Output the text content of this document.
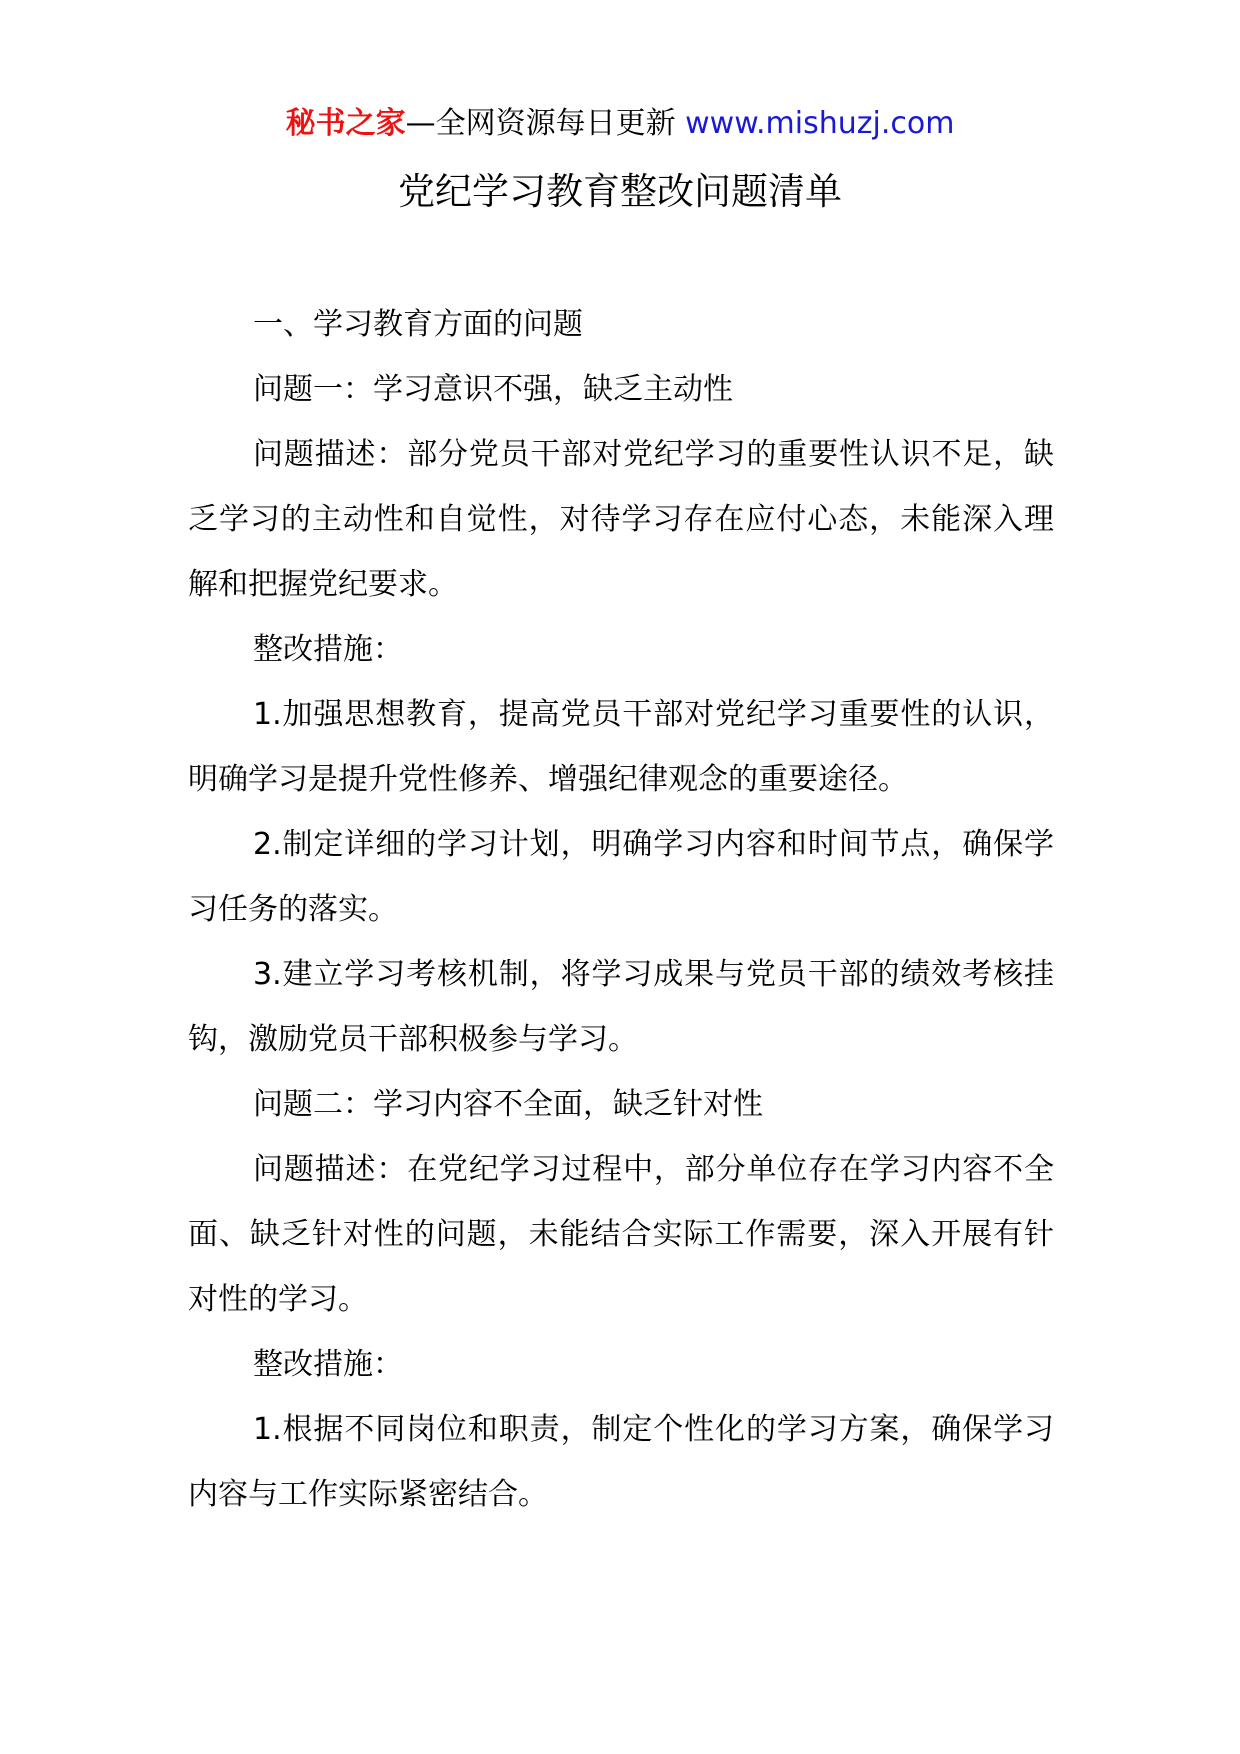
秘书之家—全网资源每日更新 www.mishuzj.com
党纪学习教育整改问题清单

一、学习教育方面的问题

问题一：学习意识不强，缺乏主动性

问题描述：部分党员干部对党纪学习的重要性认识不足，缺乏学习的主动性和自觉性，对待学习存在应付心态，未能深入理解和把握党纪要求。

整改措施：

1.加强思想教育，提高党员干部对党纪学习重要性的认识，明确学习是提升党性修养、增强纪律观念的重要途径。

2.制定详细的学习计划，明确学习内容和时间节点，确保学习任务的落实。

3.建立学习考核机制，将学习成果与党员干部的绩效考核挂钩，激励党员干部积极参与学习。

问题二：学习内容不全面，缺乏针对性

问题描述：在党纪学习过程中，部分单位存在学习内容不全面、缺乏针对性的问题，未能结合实际工作需要，深入开展有针对性的学习。

整改措施：

1.根据不同岗位和职责，制定个性化的学习方案，确保学习内容与工作实际紧密结合。
